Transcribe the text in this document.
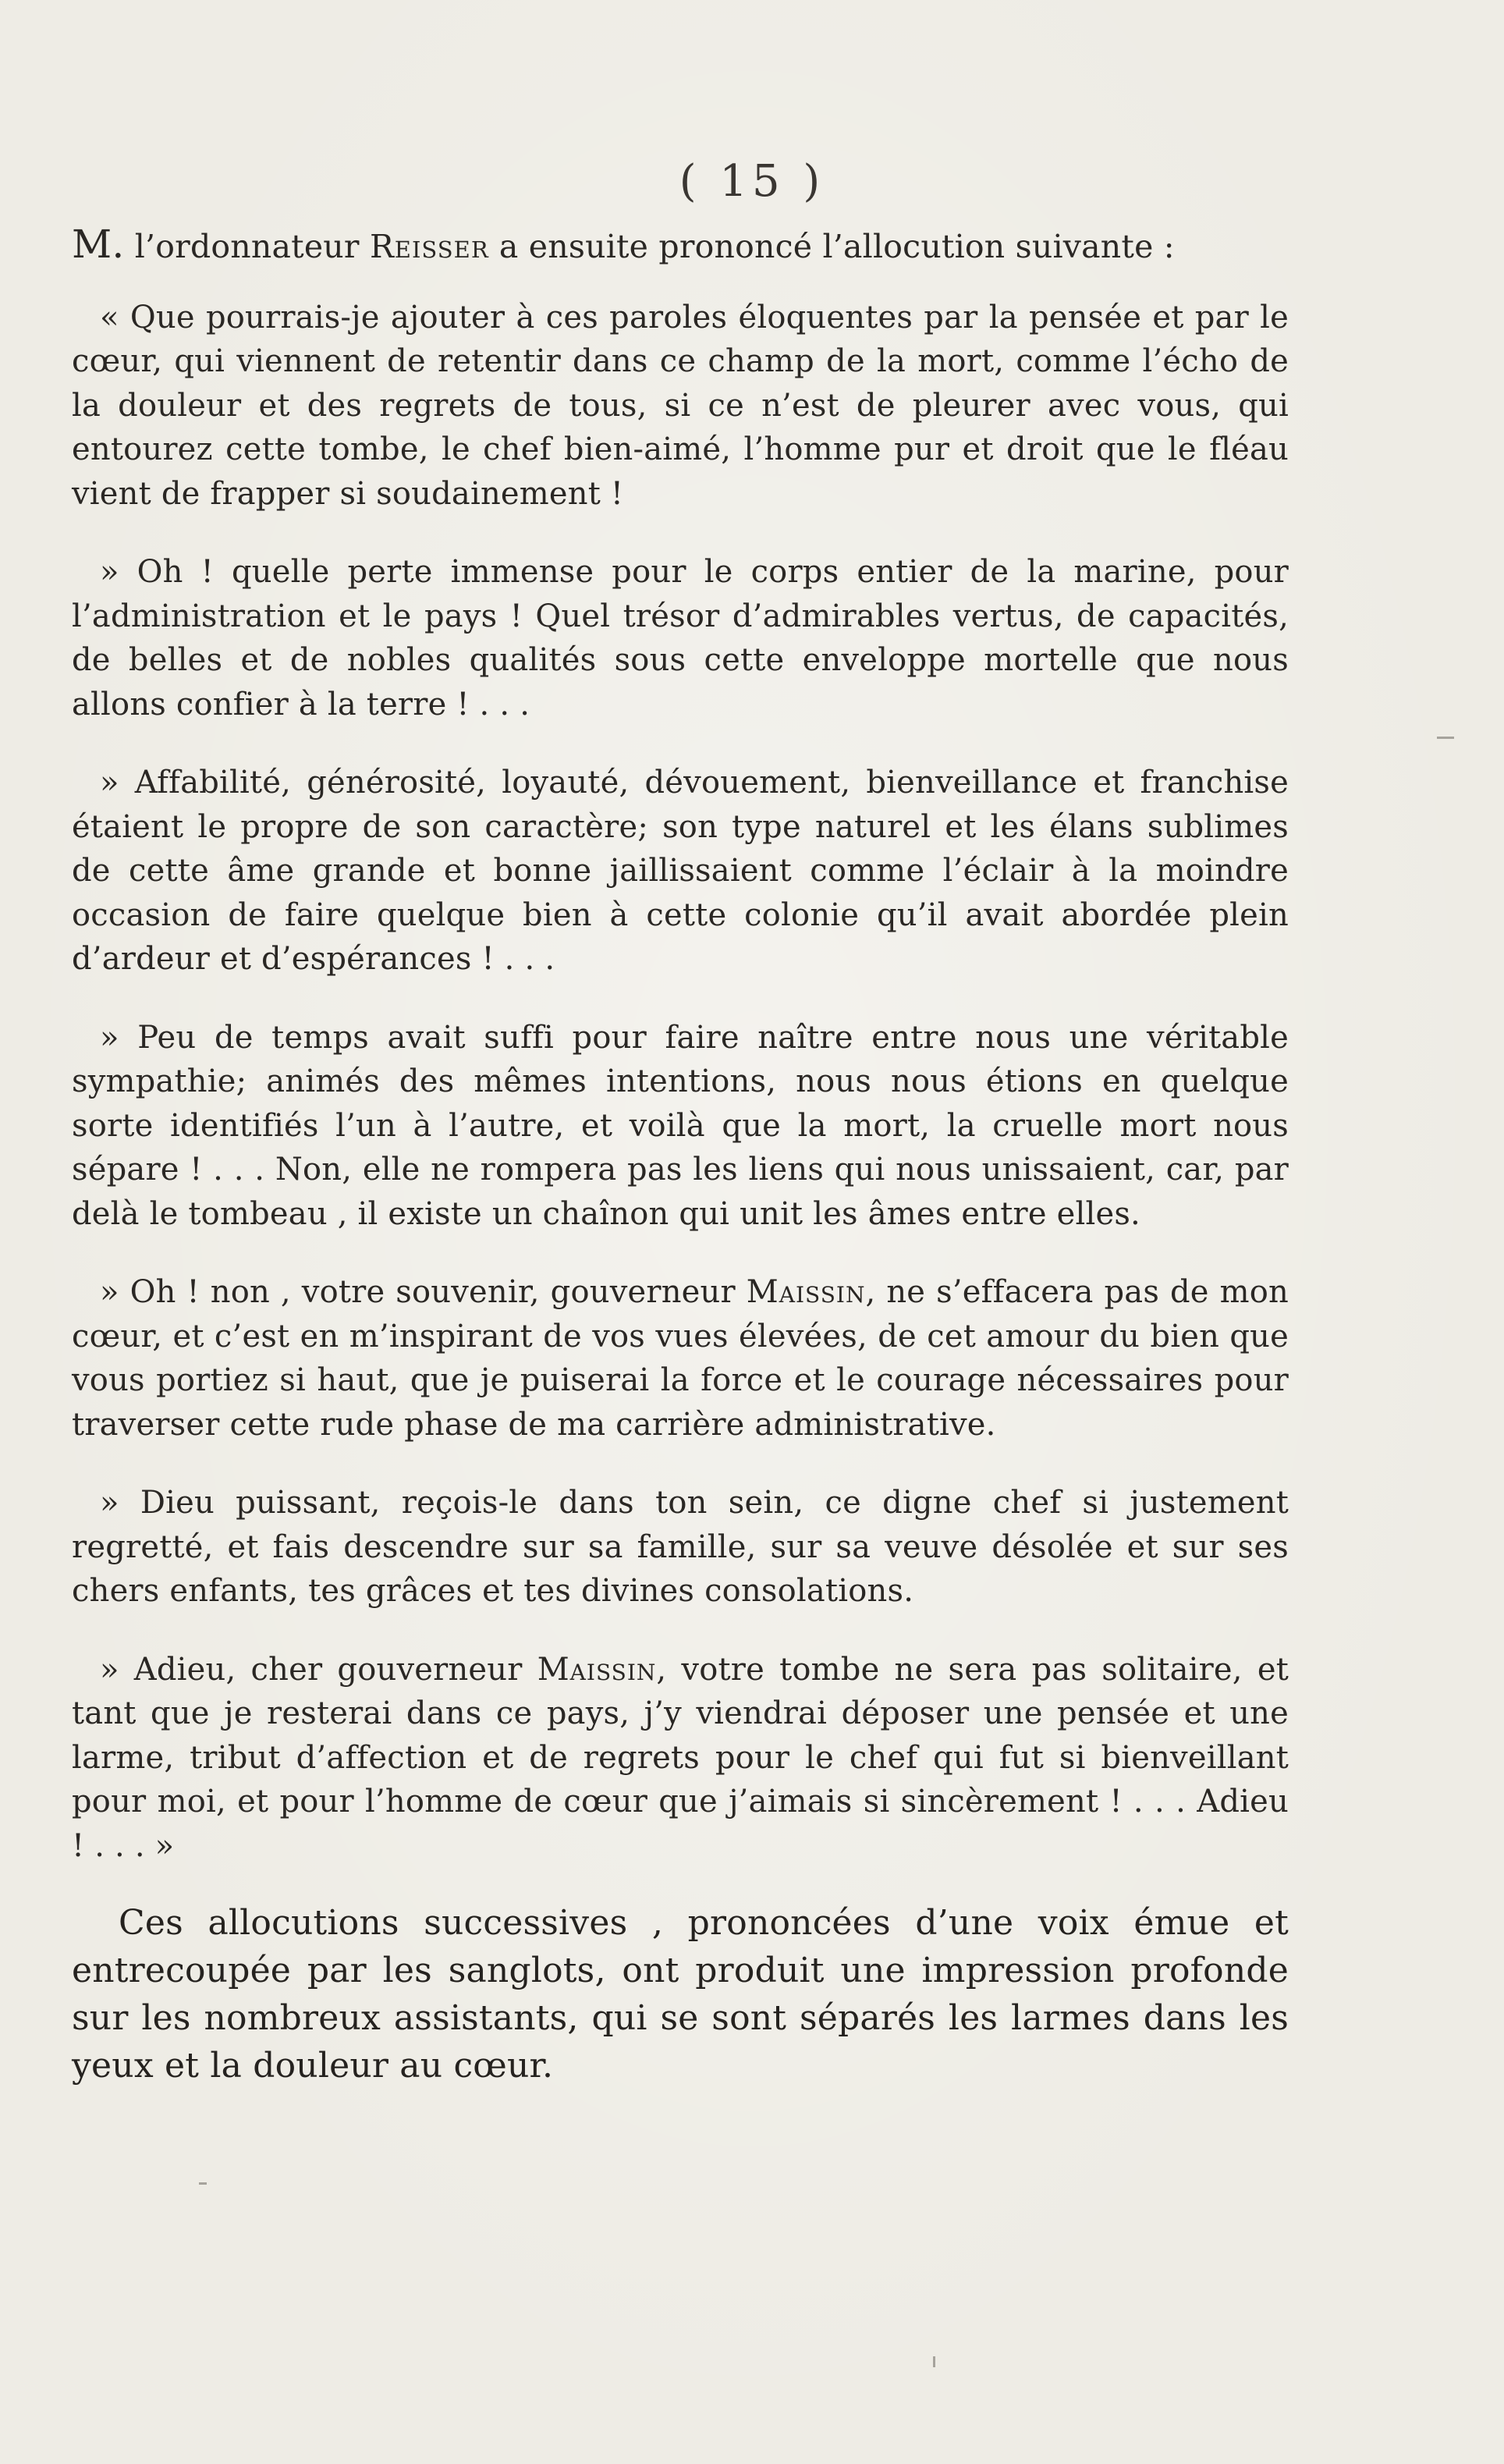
( 15 )

M. l’ordonnateur Reisser a ensuite prononcé l’allocution suivante :

« Que pourrais-je ajouter à ces paroles éloquentes par la pensée et par le cœur, qui viennent de retentir dans ce champ de la mort, comme l’écho de la douleur et des regrets de tous, si ce n’est de pleurer avec vous, qui entourez cette tombe, le chef bien-aimé, l’homme pur et droit que le fléau vient de frapper si soudainement !

» Oh ! quelle perte immense pour le corps entier de la marine, pour l’administration et le pays ! Quel trésor d’admirables vertus, de capacités, de belles et de nobles qualités sous cette enveloppe mortelle que nous allons confier à la terre ! . . .

» Affabilité, générosité, loyauté, dévouement, bienveillance et franchise étaient le propre de son caractère; son type naturel et les élans sublimes de cette âme grande et bonne jaillissaient comme l’éclair à la moindre occasion de faire quelque bien à cette colonie qu’il avait abordée plein d’ardeur et d’espérances ! . . .

» Peu de temps avait suffi pour faire naître entre nous une véritable sympathie; animés des mêmes intentions, nous nous étions en quelque sorte identifiés l’un à l’autre, et voilà que la mort, la cruelle mort nous sépare ! . . . Non, elle ne rompera pas les liens qui nous unissaient, car, par delà le tombeau , il existe un chaînon qui unit les âmes entre elles.

» Oh ! non , votre souvenir, gouverneur Maissin, ne s’effacera pas de mon cœur, et c’est en m’inspirant de vos vues élevées, de cet amour du bien que vous portiez si haut, que je puiserai la force et le courage nécessaires pour traverser cette rude phase de ma carrière administrative.

» Dieu puissant, reçois-le dans ton sein, ce digne chef si justement regretté, et fais descendre sur sa famille, sur sa veuve désolée et sur ses chers enfants, tes grâces et tes divines consolations.

» Adieu, cher gouverneur Maissin, votre tombe ne sera pas solitaire, et tant que je resterai dans ce pays, j’y viendrai déposer une pensée et une larme, tribut d’affection et de regrets pour le chef qui fut si bienveillant pour moi, et pour l’homme de cœur que j’aimais si sincèrement ! . . . Adieu ! . . . »

Ces allocutions successives , prononcées d’une voix émue et entrecoupée par les sanglots, ont produit une impression profonde sur les nombreux assistants, qui se sont séparés les larmes dans les yeux et la douleur au cœur.
